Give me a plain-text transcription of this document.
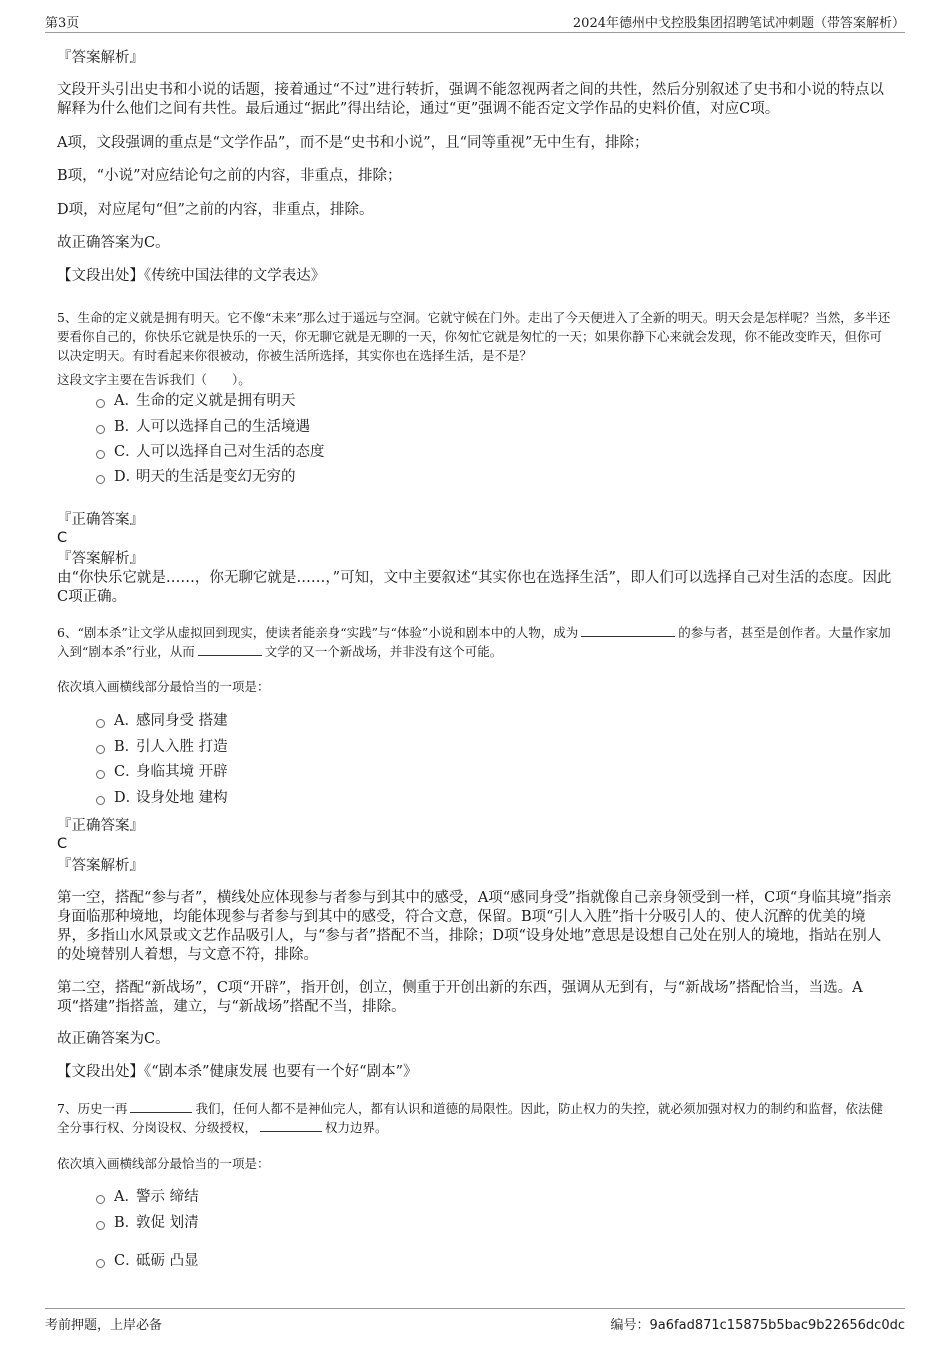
第3页	2024年德州中戈控股集团招聘笔试冲刺题（带答案解析）

『答案解析』

文段开头引出史书和小说的话题，接着通过“不过”进行转折，强调不能忽视两者之间的共性，然后分别叙述了史书和小说的特点以解释为什么他们之间有共性。最后通过“据此”得出结论，通过“更”强调不能否定文学作品的史料价值，对应C项。

A项，文段强调的重点是“文学作品”，而不是“史书和小说”，且“同等重视”无中生有，排除；

B项，“小说”对应结论句之前的内容，非重点，排除；

D项，对应尾句“但”之前的内容，非重点，排除。

故正确答案为C。

【文段出处】《传统中国法律的文学表达》

5、生命的定义就是拥有明天。它不像“未来”那么过于遥远与空洞。它就守候在门外。走出了今天便进入了全新的明天。明天会是怎样呢？当然，多半还要看你自己的，你快乐它就是快乐的一天，你无聊它就是无聊的一天，你匆忙它就是匆忙的一天；如果你静下心来就会发现，你不能改变昨天，但你可以决定明天。有时看起来你很被动，你被生活所选择，其实你也在选择生活，是不是？

这段文字主要在告诉我们（　　）。

A．
生命的定义就是拥有明天
B．
人可以选择自己的生活境遇
C．
人可以选择自己对生活的态度
D．
明天的生活是变幻无穷的

『正确答案』

C

『答案解析』

由“你快乐它就是……，你无聊它就是……，”可知，文中主要叙述“其实你也在选择生活”，即人们可以选择自己对生活的态度。因此C项正确。

6、“剧本杀”让文学从虚拟回到现实，使读者能亲身“实践”与“体验”小说和剧本中的人物，成为	的参与者，甚至是创作者。大量作家加入到“剧本杀”行业，从而	文学的又一个新战场，并非没有这个可能。

依次填入画横线部分最恰当的一项是：

A．
感同身受 搭建
B．
引人入胜 打造
C．
身临其境 开辟
D．
设身处地 建构

『正确答案』

C

『答案解析』

第一空，搭配“参与者”，横线处应体现参与者参与到其中的感受，A项“感同身受”指就像自己亲身领受到一样，C项“身临其境”指亲身面临那种境地，均能体现参与者参与到其中的感受，符合文意，保留。B项“引人入胜”指十分吸引人的、使人沉醉的优美的境界，多指山水风景或文艺作品吸引人，与“参与者”搭配不当，排除；D项“设身处地”意思是设想自己处在别人的境地，指站在别人的处境替别人着想，与文意不符，排除。

第二空，搭配“新战场”，C项“开辟”，指开创，创立，侧重于开创出新的东西，强调从无到有，与“新战场”搭配恰当，当选。A项“搭建”指搭盖，建立，与“新战场”搭配不当，排除。

故正确答案为C。

【文段出处】《“剧本杀”健康发展 也要有一个好“剧本”》

7、历史一再	我们，任何人都不是神仙完人，都有认识和道德的局限性。因此，防止权力的失控，就必须加强对权力的制约和监督，依法健全分事行权、分岗设权、分级授权，	权力边界。

依次填入画横线部分最恰当的一项是：

A．
警示 缔结
B．
敦促 划清
C．
砥砺 凸显
考前押题，上岸必备	编号：9a6fad871c15875b5bac9b22656dc0dc
